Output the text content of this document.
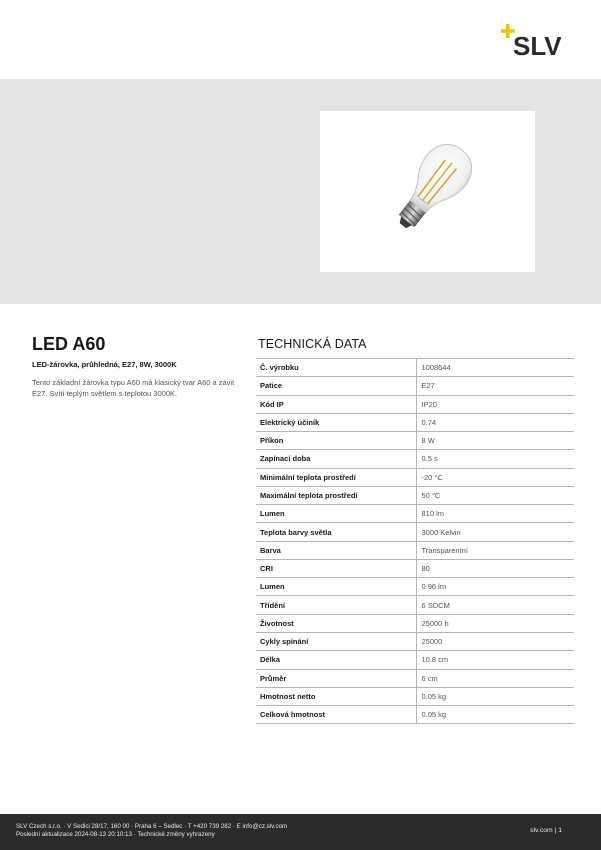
SLV
LED A60
LED-žárovka, průhledná, E27, 8W, 3000K
Tento základní žárovka typu A60 má klasický tvar A60 a závit E27. Svítí teplým světlem s teplotou 3000K.
TECHNICKÁ DATA
Č. výrobku	1008644
Patice	E27
Kód IP	IP20
Elektrický účiník	0.74
Příkon	8 W
Zapínací doba	0.5 s
Minimální teplota prostředí	-20 °C
Maximální teplota prostředí	50 °C
Lumen	810 lm
Teplota barvy světla	3000 Kelvin
Barva	Transparentní
CRI	80
Lumen	0.96 lm
Třídění	6 SDCM
Životnost	25000 h
Cykly spínání	25000
Délka	10.8 cm
Průměr	6 cm
Hmotnost netto	0.05 kg
Celková hmotnost	0.05 kg
SLV Czech s.r.o. · V Sedlci 28/17, 160 00 · Praha 6 – Sedlec · T +420 739 282 · E info@cz.slv.com
Poslední aktualizace 2024-08-13 20:10:13 · Technické změny vyhrazeny
slv.com | 1
